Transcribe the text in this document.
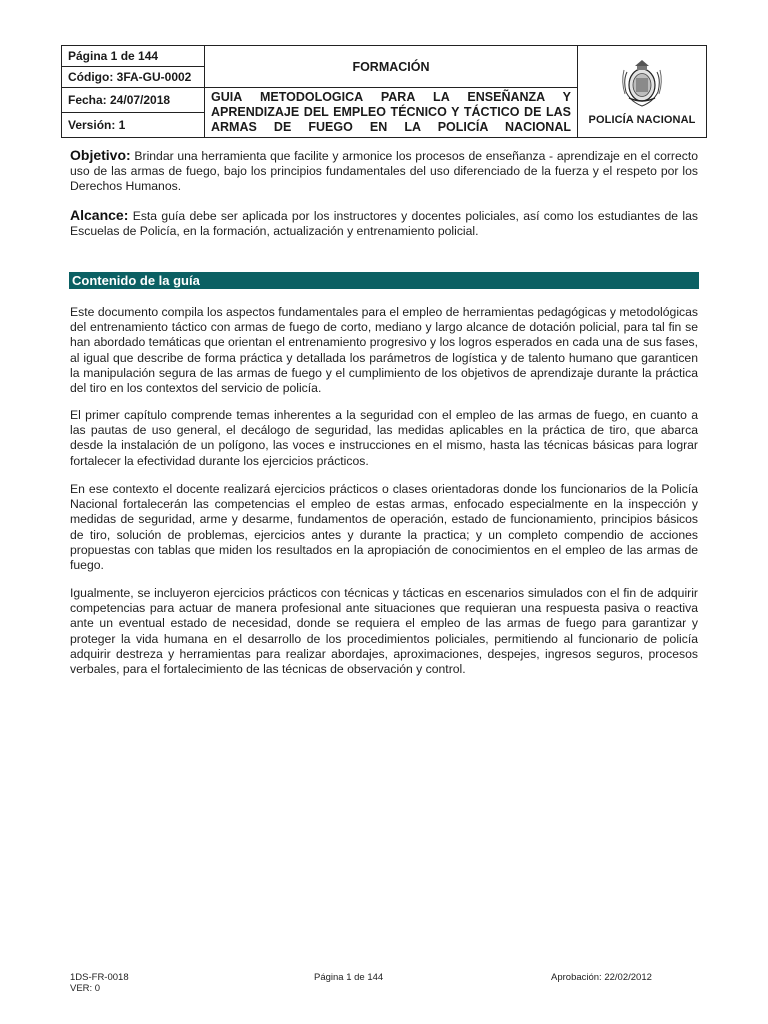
Página 1 de 144	FORMACIÓN	POLICÍA NACIONAL

Código: 3FA-GU-0002		
Fecha: 24/07/2018	GUIA METODOLOGICA PARA LA ENSEÑANZA Y APRENDIZAJE DEL EMPLEO TÉCNICO Y TÁCTICO DE LAS ARMAS DE FUEGO EN LA POLICÍA NACIONAL	
Versión: 1		

Objetivo: Brindar una herramienta que facilite y armonice los procesos de enseñanza - aprendizaje en el correcto uso de las armas de fuego, bajo los principios fundamentales del uso diferenciado de la fuerza y el respeto por los Derechos Humanos.

Alcance: Esta guía debe ser aplicada por los instructores y docentes policiales, así como los estudiantes de las Escuelas de Policía, en la formación, actualización y entrenamiento policial.

Contenido de la guía

Este documento compila los aspectos fundamentales para el empleo de herramientas pedagógicas y metodológicas del entrenamiento táctico con armas de fuego de corto, mediano y largo alcance de dotación policial, para tal fin se han abordado temáticas que orientan el entrenamiento progresivo y los logros esperados en cada una de sus fases, al igual que describe de forma práctica y detallada los parámetros de logística y de talento humano que garanticen la manipulación segura de las armas de fuego y el cumplimiento de los objetivos de aprendizaje durante la práctica del tiro en los contextos del servicio de policía.

El primer capítulo comprende temas inherentes a la seguridad con el empleo de las armas de fuego, en cuanto a las pautas de uso general, el decálogo de seguridad, las medidas aplicables en la práctica de tiro, que abarca desde la instalación de un polígono, las voces e instrucciones en el mismo, hasta las técnicas básicas para lograr fortalecer la efectividad durante los ejercicios prácticos.

En ese contexto el docente realizará ejercicios prácticos o clases orientadoras donde los funcionarios de la Policía Nacional fortalecerán las competencias el empleo de estas armas, enfocado especialmente en la inspección y medidas de seguridad, arme y desarme, fundamentos de operación, estado de funcionamiento, principios básicos de tiro, solución de problemas, ejercicios antes y durante la practica; y un completo compendio de acciones propuestas con tablas que miden los resultados en la apropiación de conocimientos en el empleo de las armas de fuego.

Igualmente, se incluyeron ejercicios prácticos con técnicas y tácticas en escenarios simulados con el fin de adquirir competencias para actuar de manera profesional ante situaciones que requieran una respuesta pasiva o reactiva ante un eventual estado de necesidad, donde se requiera el empleo de las armas de fuego para garantizar y proteger la vida humana en el desarrollo de los procedimientos policiales, permitiendo al funcionario de policía adquirir destreza y herramientas para realizar abordajes, aproximaciones, despejes, ingresos seguros, procesos verbales, para el fortalecimiento de las técnicas de observación y control.

1DS-FR-0018
VER: 0
Página 1 de 144	Aprobación: 22/02/2012
